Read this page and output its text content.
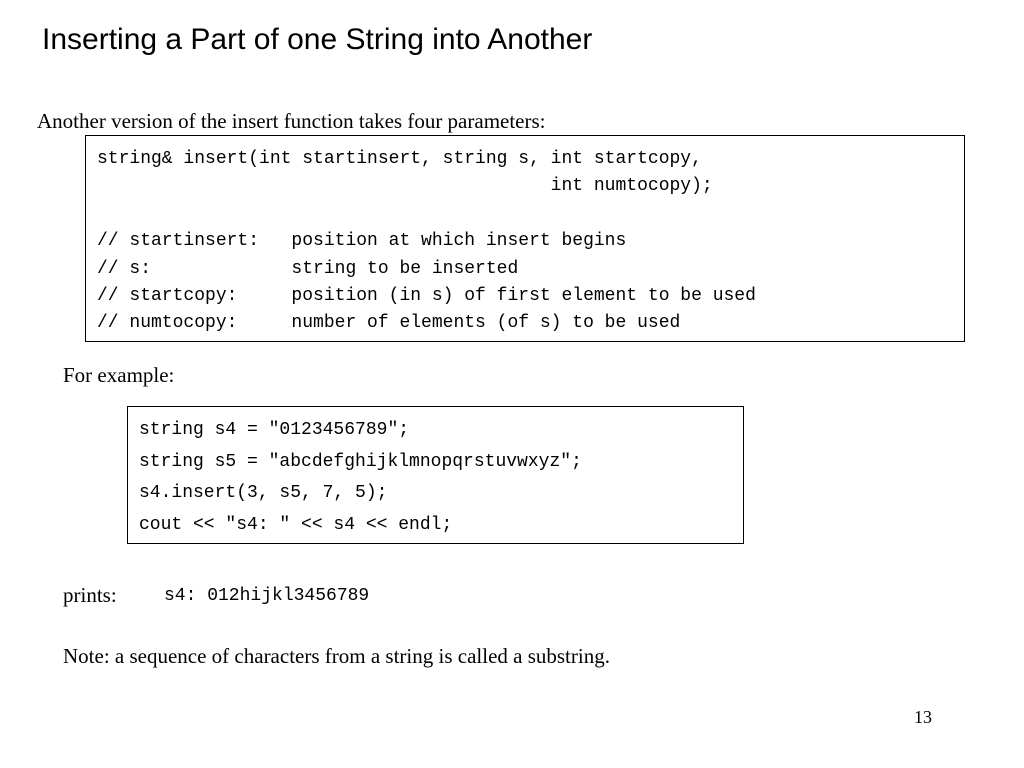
Inserting a Part of one String into Another
Another version of the insert function takes four parameters:
string& insert(int startinsert, string s, int startcopy,
int numtocopy);

// startinsert:   position at which insert begins
// s:             string to be inserted
// startcopy:     position (in s) of first element to be used
// numtocopy:     number of elements (of s) to be used
For example:
string s4 = "0123456789";
string s5 = "abcdefghijklmnopqrstuvwxyz";
s4.insert(3, s5, 7, 5);
cout << "s4: " << s4 << endl;
prints:	s4: 012hijkl3456789
Note: a sequence of characters from a string is called a substring.
13
